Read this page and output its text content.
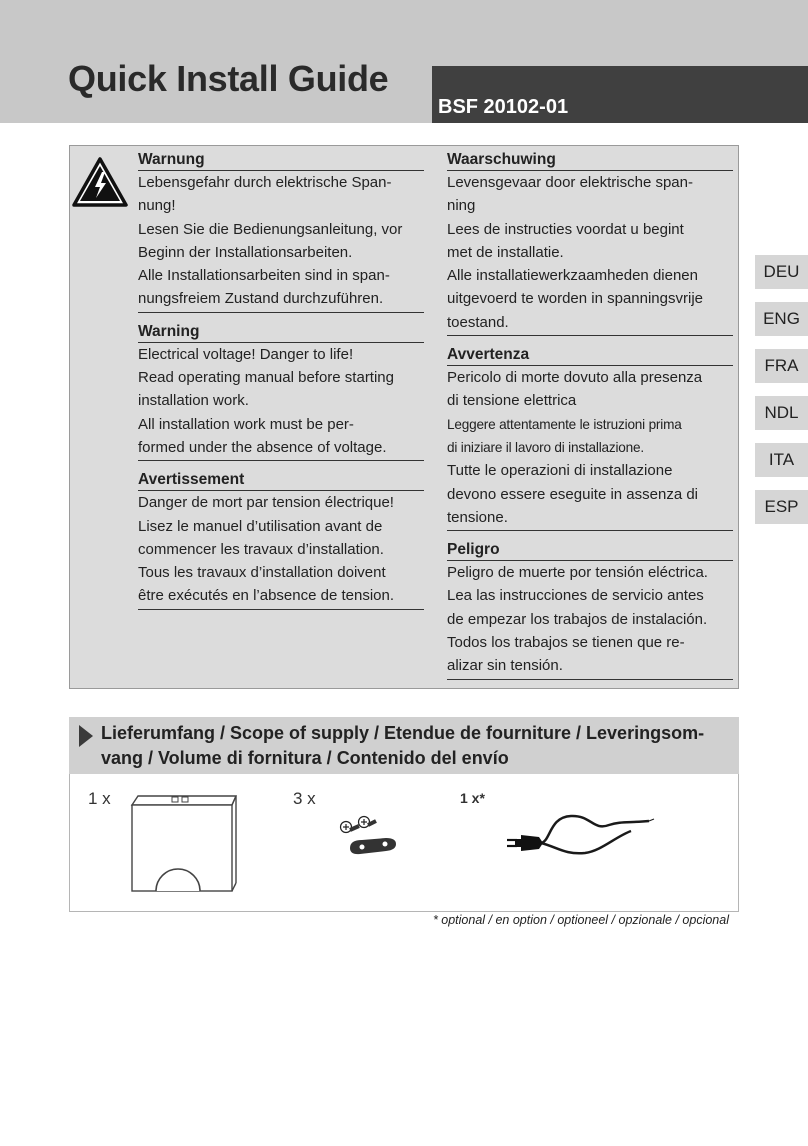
Quick Install Guide
BSF 20102-01
Warnung
Lebensgefahr durch elektrische Span-
nung!
Lesen Sie die Bedienungsanleitung, vor
Beginn der Installationsarbeiten.
Alle Installationsarbeiten sind in span-
nungsfreiem Zustand durchzuführen.
Warning
Electrical voltage! Danger to life!
Read operating manual before starting
installation work.
All installation work must be per-
formed under the absence of voltage.
Avertissement
Danger de mort par tension électrique!
Lisez le manuel d’utilisation avant de
commencer les travaux d’installation.
Tous les travaux d’installation doivent
être exécutés en l’absence de tension.
Waarschuwing
Levensgevaar door elektrische span-
ning
Lees de instructies voordat u begint
met de installatie.
Alle installatiewerkzaamheden dienen
uitgevoerd te worden in spanningsvrije
toestand.
Avvertenza
Pericolo di morte dovuto alla presenza
di tensione elettrica
Leggere attentamente le istruzioni prima
di iniziare il lavoro di installazione.
Tutte le operazioni di installazione
devono essere eseguite in assenza di
tensione.
Peligro
Peligro de muerte por tensión eléctrica.
Lea las instrucciones de servicio antes
de empezar los trabajos de instalación.
Todos los trabajos se tienen que re-
alizar sin tensión.
DEU
ENG
FRA
NDL
ITA
ESP
Lieferumfang / Scope of supply / Etendue de fourniture / Leveringsom-
vang / Volume di fornitura / Contenido del envío
1 x	3 x	1 x*
* optional / en option / optioneel / opzionale / opcional
